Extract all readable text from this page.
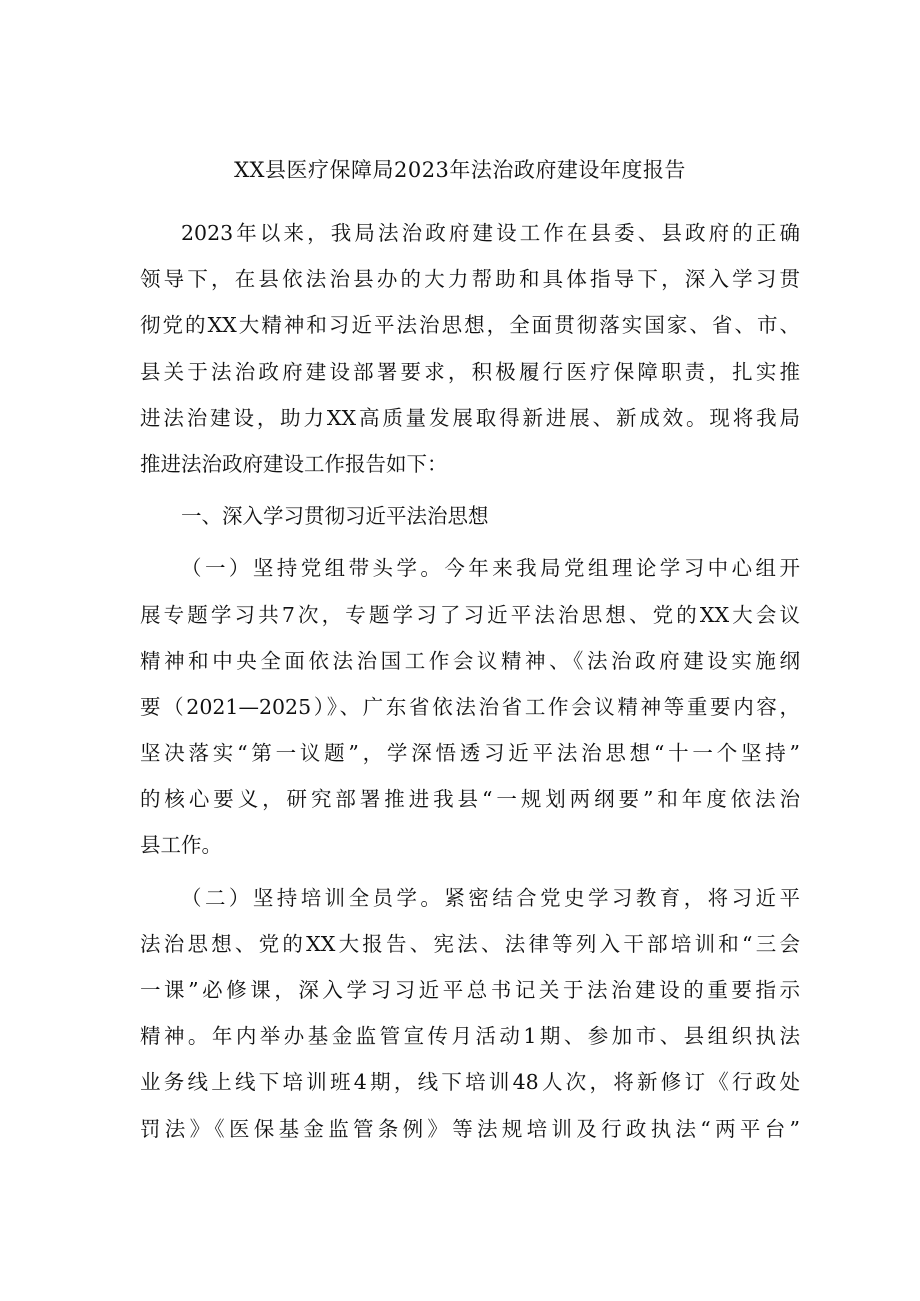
XX县医疗保障局2023年法治政府建设年度报告
2023年以来，我局法治政府建设工作在县委、县政府的正确
领导下，在县依法治县办的大力帮助和具体指导下，深入学习贯
彻党的XX大精神和习近平法治思想，全面贯彻落实国家、省、市、
县关于法治政府建设部署要求，积极履行医疗保障职责，扎实推
进法治建设，助力XX高质量发展取得新进展、新成效。现将我局
推进法治政府建设工作报告如下：
一、深入学习贯彻习近平法治思想
（一）坚持党组带头学。今年来我局党组理论学习中心组开
展专题学习共7次，专题学习了习近平法治思想、党的XX大会议
精神和中央全面依法治国工作会议精神、《法治政府建设实施纲
要（2021—2025）》、广东省依法治省工作会议精神等重要内容，
坚决落实“第一议题”，学深悟透习近平法治思想“十一个坚持”
的核心要义，研究部署推进我县“一规划两纲要”和年度依法治
县工作。
（二）坚持培训全员学。紧密结合党史学习教育，将习近平
法治思想、党的XX大报告、宪法、法律等列入干部培训和“三会
一课”必修课，深入学习习近平总书记关于法治建设的重要指示
精神。年内举办基金监管宣传月活动1期、参加市、县组织执法
业务线上线下培训班4期，线下培训48人次，将新修订《行政处
罚法》《医保基金监管条例》等法规培训及行政执法“两平台”
